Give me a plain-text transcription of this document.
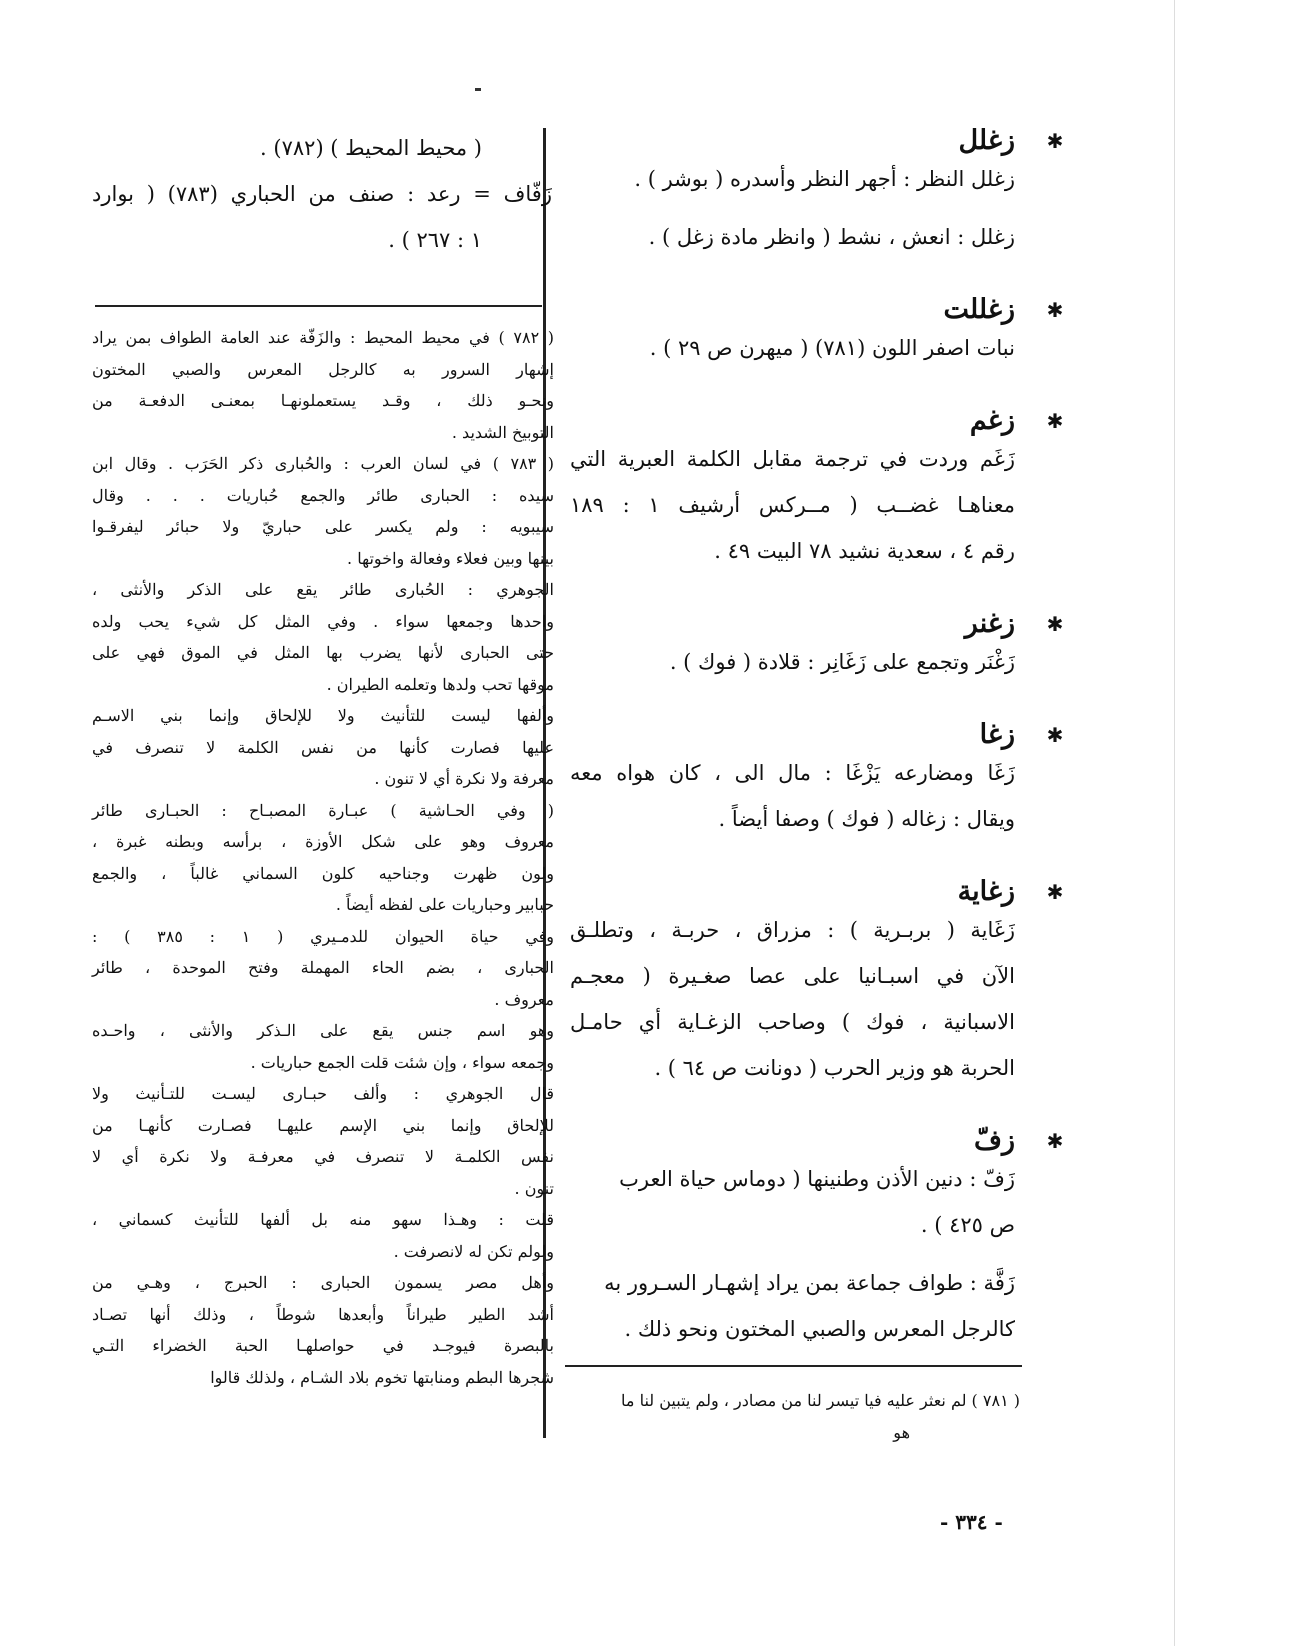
✱
زغلل
زغلل النظر : أجهر النظر وأسدره ( بوشر ) .
زغلل : انعش ، نشط ( وانظر مادة زغل ) .
✱
زغللت
نبات اصفر اللون (٧٨١) ( ميهرن ص ٢٩ ) .
✱
زغم
زَغَم وردت في ترجمة مقابل الكلمة العبرية التي
معناهـا غضــب ( مــركس أرشيف ١ : ١٨٩
رقم ٤ ، سعدية نشيد ٧٨ البيت ٤٩ .
✱
زغنر
زَغْنَر وتجمع على زَغَانِر : قلادة ( فوك ) .
✱
زغا
زَغَا ومضارعه يَزْغَا : مال الى ، كان هواه معه
ويقال : زغاله ( فوك ) وصفا أيضاً .
✱
زغاية
زَغَاية ( بربـرية ) : مزراق ، حربـة ، وتطلـق
الآن في اسبـانيا على عصا صغـيرة ( معجـم
الاسبانية ، فوك ) وصاحب الزغـاية أي حامـل
الحربة هو وزير الحرب ( دونانت ص ٦٤ ) .
✱
زفّ
زَفّ : دنين الأذن وطنينها ( دوماس حياة العرب
ص ٤٢٥ ) .
زَفَّة : طواف جماعة بمن يراد إشهـار السـرور به
كالرجل المعرس والصبي المختون ونحو ذلك .
( محيط المحيط ) (٧٨٢) .
زَفّاف = رعد : صنف من الحباري (٧٨٣) ( بوارد
١ : ٢٦٧ ) .

( ٧٨٢ ) في محيط المحيط : والزَفّة عند العامة الطواف بمن يراد

إشهار السرور به كالرجل المعرس والصبي المختون

ونحـو ذلك ، وقـد يستعملونهـا بمعنـى الدفعـة من

التوبيخ الشديد .

( ٧٨٣ ) في لسان العرب : والحُبارى ذكر الحَرَب . وقال ابن

سيده : الحبارى طائر والجمع حُباريات . . . وقال

سيبويه : ولم يكسر على حباريّ ولا حبائر ليفرقـوا

بينها وبين فعلاء وفعالة واخوتها .

الجوهري : الحُبارى طائر يقع على الذكر والأنثى ،

واحدها وجمعها سواء . وفي المثل كل شيء يحب ولده

حتى الحبارى لأنها يضرب بها المثل في الموق فهي على

موقها تحب ولدها وتعلمه الطيران .

وألفها ليست للتأنيث ولا للإلحاق وإنما بني الاسـم

عليها فصارت كأنها من نفس الكلمة لا تنصرف في

معرفة ولا نكرة أي لا تنون .

( وفي الحـاشية ) عبـارة المصبـاح : الحبـارى طائر

معروف وهو على شكل الأوزة ، برأسه وبطنه غبرة ،

ولون ظهرت وجناحيه كلون السماني غالباً ، والجمع

حبابير وحباريات على لفظه أيضاً .

وفي حياة الحيوان للدمـيري ( ١ : ٣٨٥ ) :

الحبارى ، بضم الحاء المهملة وفتح الموحدة ، طائر

معروف .

وهو اسم جنس يقع على الـذكر والأنثى ، واحـده

وجمعه سواء ، وإن شئت قلت الجمع حباريات .

قال الجوهري : وألف حبـارى ليسـت للتـأنيث ولا

للإلحاق وإنما بني الإسم عليهـا فصـارت كأنهـا من

نفس الكلمـة لا تنصرف في معرفـة ولا نكرة أي لا

تنون .

قلت : وهـذا سهو منه بل ألفها للتأنيث كسماني ،

ولولم تكن له لانصرفت .

وأهل مصر يسمون الحبارى : الحبرج ، وهـي من

أشد الطير طيراناً وأبعدها شوطاً ، وذلك أنها تصـاد

بالبصرة فيوجـد في حواصلهـا الحبة الخضراء التـي

شجرها البطم ومنابتها تخوم بلاد الشـام ، ولذلك قالوا

( ٧٨١ ) لم نعثر عليه فيا تيسر لنا من مصادر ، ولم يتبين لنا ما

هو

- ٣٣٤ -
